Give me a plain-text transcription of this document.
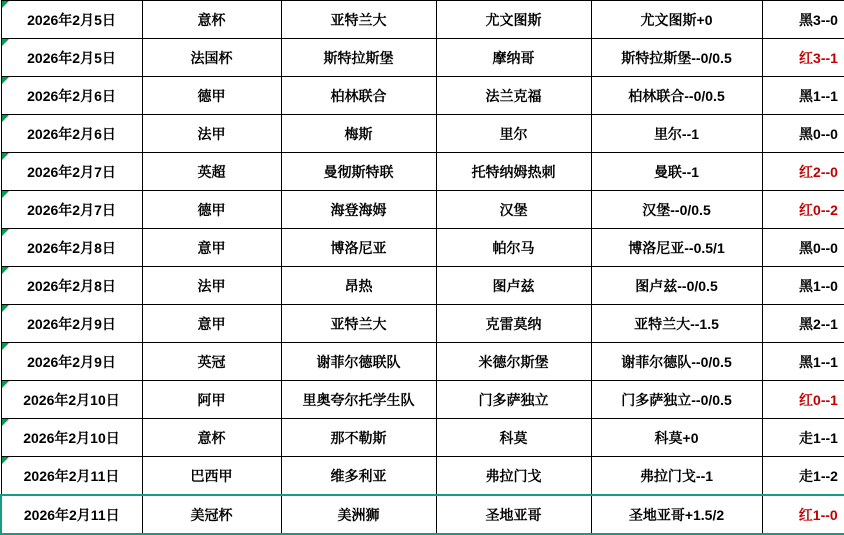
2026年2月5日	意杯	亚特兰大	尤文图斯	尤文图斯+0	黑3--0

2026年2月5日	法国杯	斯特拉斯堡	摩纳哥	斯特拉斯堡--0/0.5	红3--1

2026年2月6日	德甲	柏林联合	法兰克福	柏林联合--0/0.5	黑1--1

2026年2月6日	法甲	梅斯	里尔	里尔--1	黑0--0

2026年2月7日	英超	曼彻斯特联	托特纳姆热刺	曼联--1	红2--0

2026年2月7日	德甲	海登海姆	汉堡	汉堡--0/0.5	红0--2

2026年2月8日	意甲	博洛尼亚	帕尔马	博洛尼亚--0.5/1	黑0--0

2026年2月8日	法甲	昂热	图卢兹	图卢兹--0/0.5	黑1--0

2026年2月9日	意甲	亚特兰大	克雷莫纳	亚特兰大--1.5	黑2--1

2026年2月9日	英冠	谢菲尔德联队	米德尔斯堡	谢菲尔德队--0/0.5	黑1--1

2026年2月10日	阿甲	里奥夸尔托学生队	门多萨独立	门多萨独立--0/0.5	红0--1

2026年2月10日	意杯	那不勒斯	科莫	科莫+0	走1--1

2026年2月11日	巴西甲	维多利亚	弗拉门戈	弗拉门戈--1	走1--2
2026年2月11日	美冠杯	美洲狮	圣地亚哥	圣地亚哥+1.5/2	红1--0
